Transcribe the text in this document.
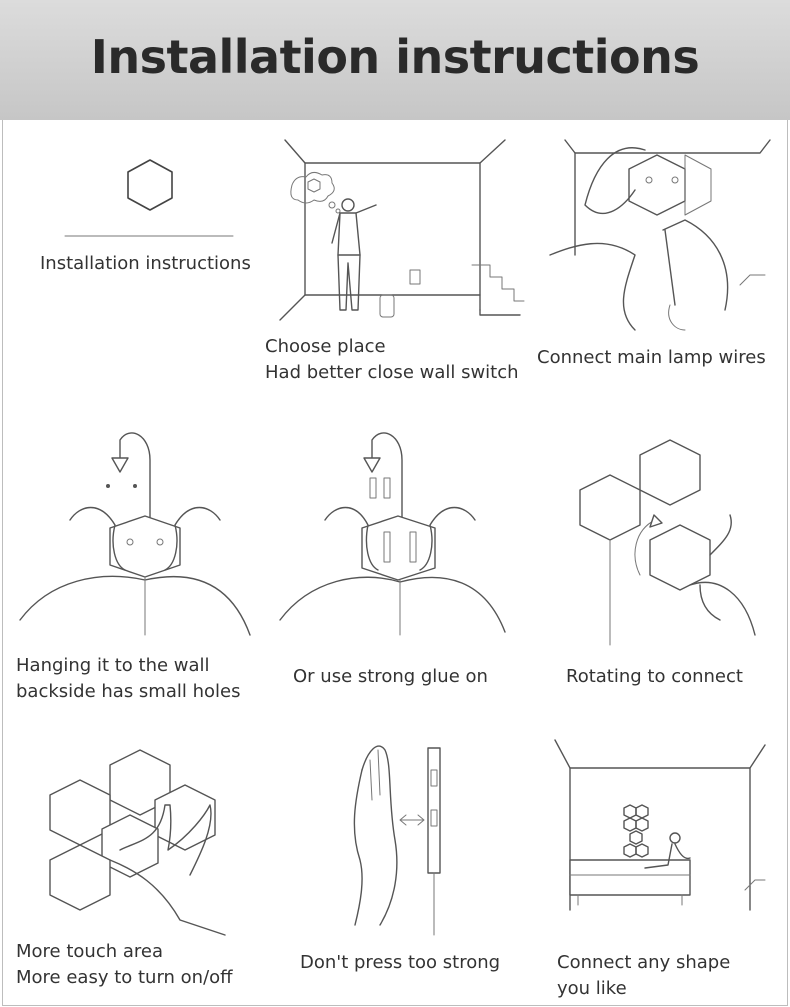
Installation instructions
Installation instructions
Choose place
Had better close wall switch
Connect main lamp wires
Hanging it to the wall
backside has small holes
Or use strong glue on	Rotating to connect
More touch area
More easy to turn on/off
Don't press too strong	Connect any shape
you like
